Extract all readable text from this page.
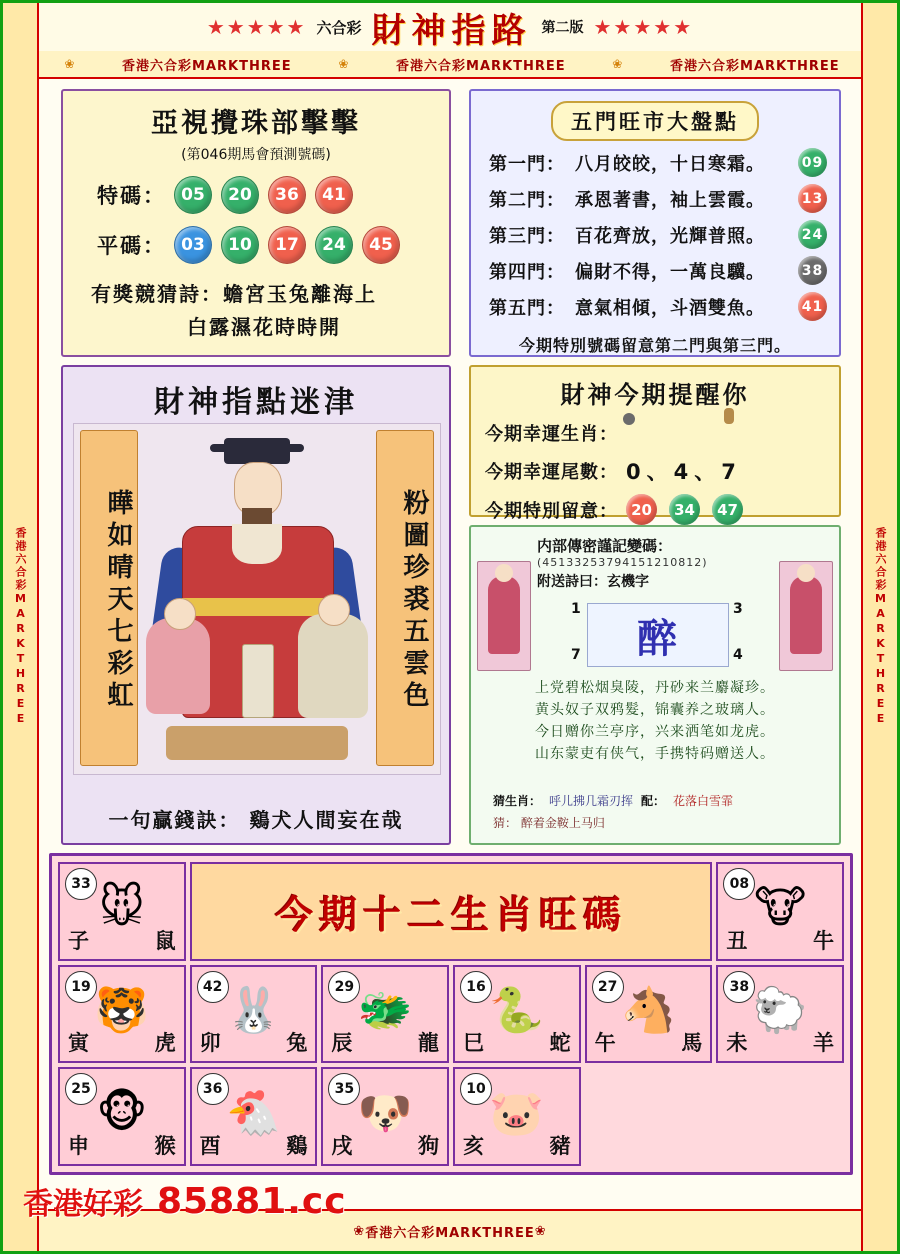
香港六合彩MARKTHREE	香港六合彩MARKTHREE
★★★★★ 六合彩 財神指路 第二版 ★★★★★
❀	香港六合彩MARKTHREE	❀	香港六合彩MARKTHREE	❀	香港六合彩MARKTHREE
亞視攪珠部擊擊
(第046期馬會預測號碼)
特碼： 05	20	36	41
平碼： 03	10	17	24	45
有獎競猜詩：蟾宮玉兔離海上
白露濕花時時開
五門旺市大盤點
第一門： 八月皎皎，十日寒霜。	09
第二門： 承恩著書，袖上雲霞。	13
第三門： 百花齊放，光輝普照。	24
第四門： 偏財不得，一萬良驥。	38
第五門： 意氣相傾，斗酒雙魚。	41
今期特別號碼留意第二門與第三門。
財神指點迷津
曄如晴天七彩虹	粉圖珍裘五雲色
一句贏錢訣： 鷄犬人間妄在哉
財神今期提醒你
今期幸運生肖：
今期幸運尾數： 0、4、7
今期特別留意： 20	34	47
内部傳密謹記變碼：
(45133253794151210812)
附送詩曰：玄機字
1
7
3
4
醉
上党碧松烟臭陵，丹砂来兰麝凝珍。
黄头奴子双鸦髮，锦囊养之玻璃人。
今日赠你兰亭序，兴来洒笔如龙虎。
山东蒙吏有侠气，手携特码赠送人。
猜生肖： 呼儿拂几霜刃挥 配： 花落白雪霏
猜： 醉着金鞍上马归
33 🐭
子	鼠
今期十二生肖旺碼
08 🐮
丑	牛
19 🐯
寅	虎
42 🐰
卯	兔
29 🐲
辰	龍
16 🐍
巳	蛇
27 🐴
午	馬
38 🐑
未	羊
25 🐵
申	猴
36 🐔
酉	鷄
35 🐶
戌	狗
10 🐷
亥	豬
香港好彩 85881.cc
❀ 香港六合彩MARKTHREE ❀
